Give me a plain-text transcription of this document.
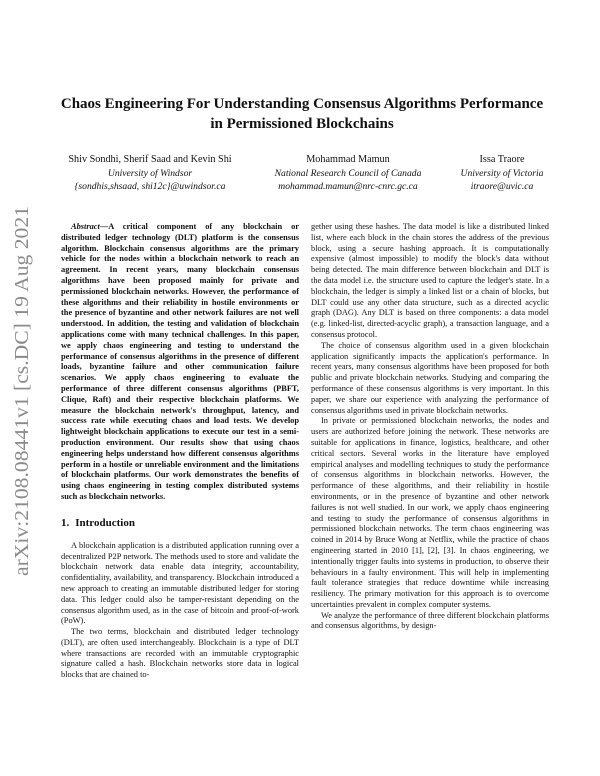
arXiv:2108.08441v1 [cs.DC] 19 Aug 2021
Chaos Engineering For Understanding Consensus Algorithms Performance in Permissioned Blockchains
Shiv Sondhi, Sherif Saad and Kevin Shi
University of Windsor
{sondhis,shsaad, shi12c}@uwindsor.ca
Mohammad Mamun
National Research Council of Canada
mohammad.mamun@nrc-cnrc.gc.ca
Issa Traore
University of Victoria
itraore@uvic.ca

Abstract—A critical component of any blockchain or distributed ledger technology (DLT) platform is the consensus algorithm. Blockchain consensus algorithms are the primary vehicle for the nodes within a blockchain network to reach an agreement. In recent years, many blockchain consensus algorithms have been proposed mainly for private and permissioned blockchain networks. However, the performance of these algorithms and their reliability in hostile environments or the presence of byzantine and other network failures are not well understood. In addition, the testing and validation of blockchain applications come with many technical challenges. In this paper, we apply chaos engineering and testing to understand the performance of consensus algorithms in the presence of different loads, byzantine failure and other communication failure scenarios. We apply chaos engineering to evaluate the performance of three different consensus algorithms (PBFT, Clique, Raft) and their respective blockchain platforms. We measure the blockchain network's throughput, latency, and success rate while executing chaos and load tests. We develop lightweight blockchain applications to execute our test in a semi-production environment. Our results show that using chaos engineering helps understand how different consensus algorithms perform in a hostile or unreliable environment and the limitations of blockchain platforms. Our work demonstrates the benefits of using chaos engineering in testing complex distributed systems such as blockchain networks.

1. Introduction

A blockchain application is a distributed application running over a decentralized P2P network. The methods used to store and validate the blockchain network data enable data integrity, accountability, confidentiality, availability, and transparency. Blockchain introduced a new approach to creating an immutable distributed ledger for storing data. This ledger could also be tamper-resistant depending on the consensus algorithm used, as in the case of bitcoin and proof-of-work (PoW).

The two terms, blockchain and distributed ledger technology (DLT), are often used interchangeably. Blockchain is a type of DLT where transactions are recorded with an immutable cryptographic signature called a hash. Blockchain networks store data in logical blocks that are chained to-

gether using these hashes. The data model is like a distributed linked list, where each block in the chain stores the address of the previous block, using a secure hashing approach. It is computationally expensive (almost impossible) to modify the block's data without being detected. The main difference between blockchain and DLT is the data model i.e. the structure used to capture the ledger's state. In a blockchain, the ledger is simply a linked list or a chain of blocks, but DLT could use any other data structure, such as a directed acyclic graph (DAG). Any DLT is based on three components: a data model (e.g. linked-list, directed-acyclic graph), a transaction language, and a consensus protocol.

The choice of consensus algorithm used in a given blockchain application significantly impacts the application's performance. In recent years, many consensus algorithms have been proposed for both public and private blockchain networks. Studying and comparing the performance of these consensus algorithms is very important. In this paper, we share our experience with analyzing the performance of consensus algorithms used in private blockchain networks.

In private or permissioned blockchain networks, the nodes and users are authorized before joining the network. These networks are suitable for applications in finance, logistics, healthcare, and other critical sectors. Several works in the literature have employed empirical analyses and modelling techniques to study the performance of consensus algorithms in blockchain networks. However, the performance of these algorithms, and their reliability in hostile environments, or in the presence of byzantine and other network failures is not well studied. In our work, we apply chaos engineering and testing to study the performance of consensus algorithms in permissioned blockchain networks. The term chaos engineering was coined in 2014 by Bruce Wong at Netflix, while the practice of chaos engineering started in 2010 [1], [2], [3]. In chaos engineering, we intentionally trigger faults into systems in production, to observe their behaviours in a faulty environment. This will help in implementing fault tolerance strategies that reduce downtime while increasing resiliency. The primary motivation for this approach is to overcome uncertainties prevalent in complex computer systems.

We analyze the performance of three different blockchain platforms and consensus algorithms, by design-
